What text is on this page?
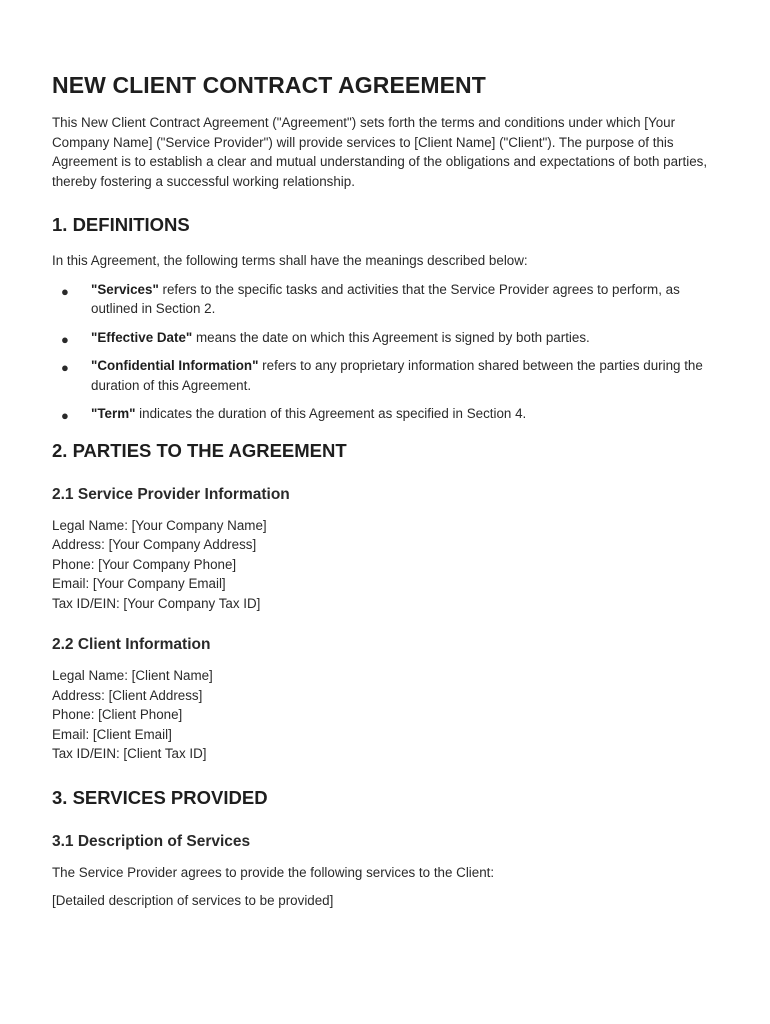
NEW CLIENT CONTRACT AGREEMENT

This New Client Contract Agreement ("Agreement") sets forth the terms and conditions under which [Your Company Name] ("Service Provider") will provide services to [Client Name] ("Client"). The purpose of this Agreement is to establish a clear and mutual understanding of the obligations and expectations of both parties, thereby fostering a successful working relationship.

1. DEFINITIONS

In this Agreement, the following terms shall have the meanings described below:

● "Services" refers to the specific tasks and activities that the Service Provider agrees to perform, as outlined in Section 2.
● "Effective Date" means the date on which this Agreement is signed by both parties.
● "Confidential Information" refers to any proprietary information shared between the parties during the duration of this Agreement.
● "Term" indicates the duration of this Agreement as specified in Section 4.
2. PARTIES TO THE AGREEMENT
2.1 Service Provider Information
Legal Name: [Your Company Name]
Address: [Your Company Address]
Phone: [Your Company Phone]
Email: [Your Company Email]
Tax ID/EIN: [Your Company Tax ID]
2.2 Client Information
Legal Name: [Client Name]
Address: [Client Address]
Phone: [Client Phone]
Email: [Client Email]
Tax ID/EIN: [Client Tax ID]
3. SERVICES PROVIDED
3.1 Description of Services

The Service Provider agrees to provide the following services to the Client:

[Detailed description of services to be provided]
